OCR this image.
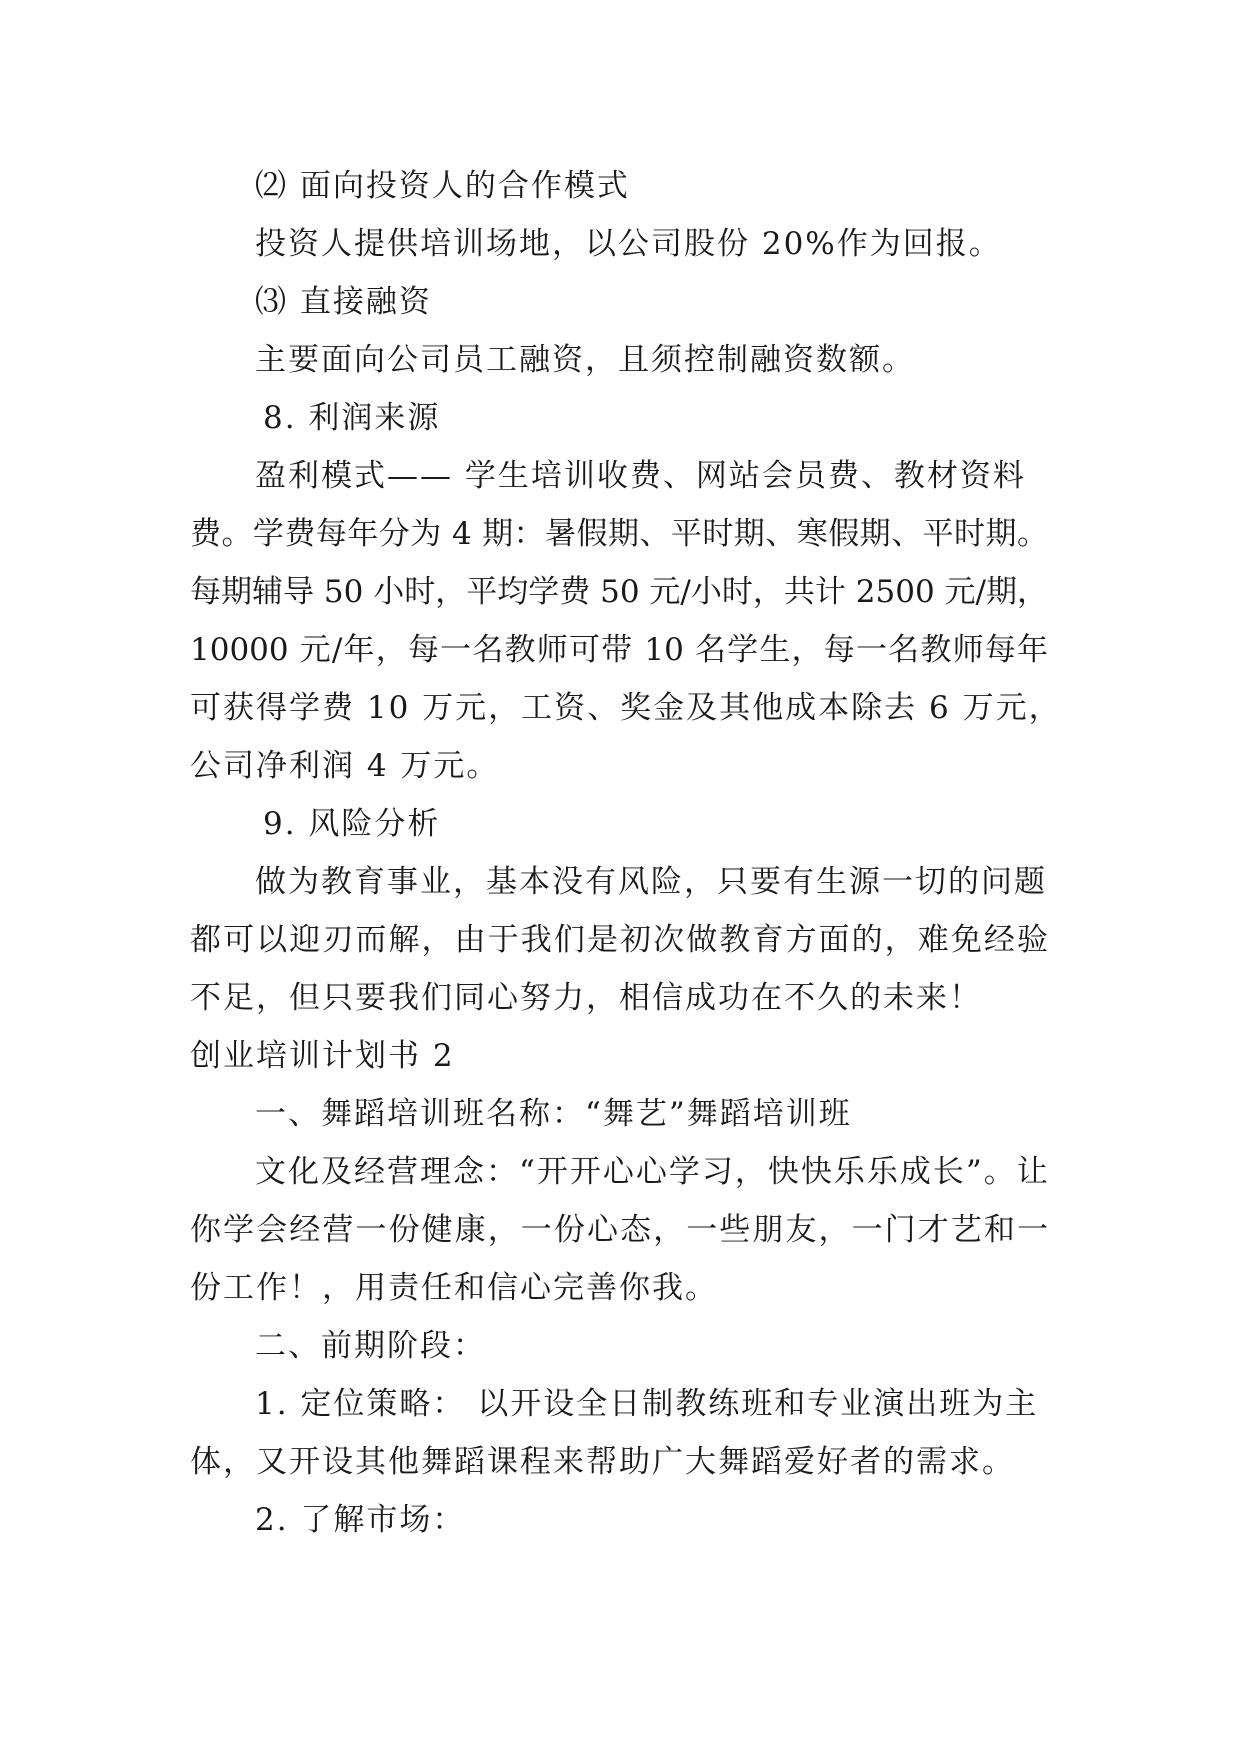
⑵ 面向投资人的合作模式
投资人提供培训场地，以公司股份 20%作为回报。
⑶ 直接融资
主要面向公司员工融资，且须控制融资数额。
8. 利润来源
盈利模式—— 学生培训收费、网站会员费、教材资料
费。学费每年分为 4 期：暑假期、平时期、寒假期、平时期。
每期辅导 50 小时，平均学费 50 元/小时，共计 2500 元/期，
10000 元/年，每一名教师可带 10 名学生，每一名教师每年
可获得学费 10 万元，工资、奖金及其他成本除去 6 万元，
公司净利润 4 万元。
9. 风险分析
做为教育事业，基本没有风险，只要有生源一切的问题
都可以迎刃而解，由于我们是初次做教育方面的，难免经验
不足，但只要我们同心努力，相信成功在不久的未来！
创业培训计划书 2
一、舞蹈培训班名称：“舞艺”舞蹈培训班
文化及经营理念：“开开心心学习，快快乐乐成长”。让
你学会经营一份健康，一份心态，一些朋友，一门才艺和一
份工作！，用责任和信心完善你我。
二、前期阶段：
1. 定位策略： 以开设全日制教练班和专业演出班为主
体，又开设其他舞蹈课程来帮助广大舞蹈爱好者的需求。
2. 了解市场：
